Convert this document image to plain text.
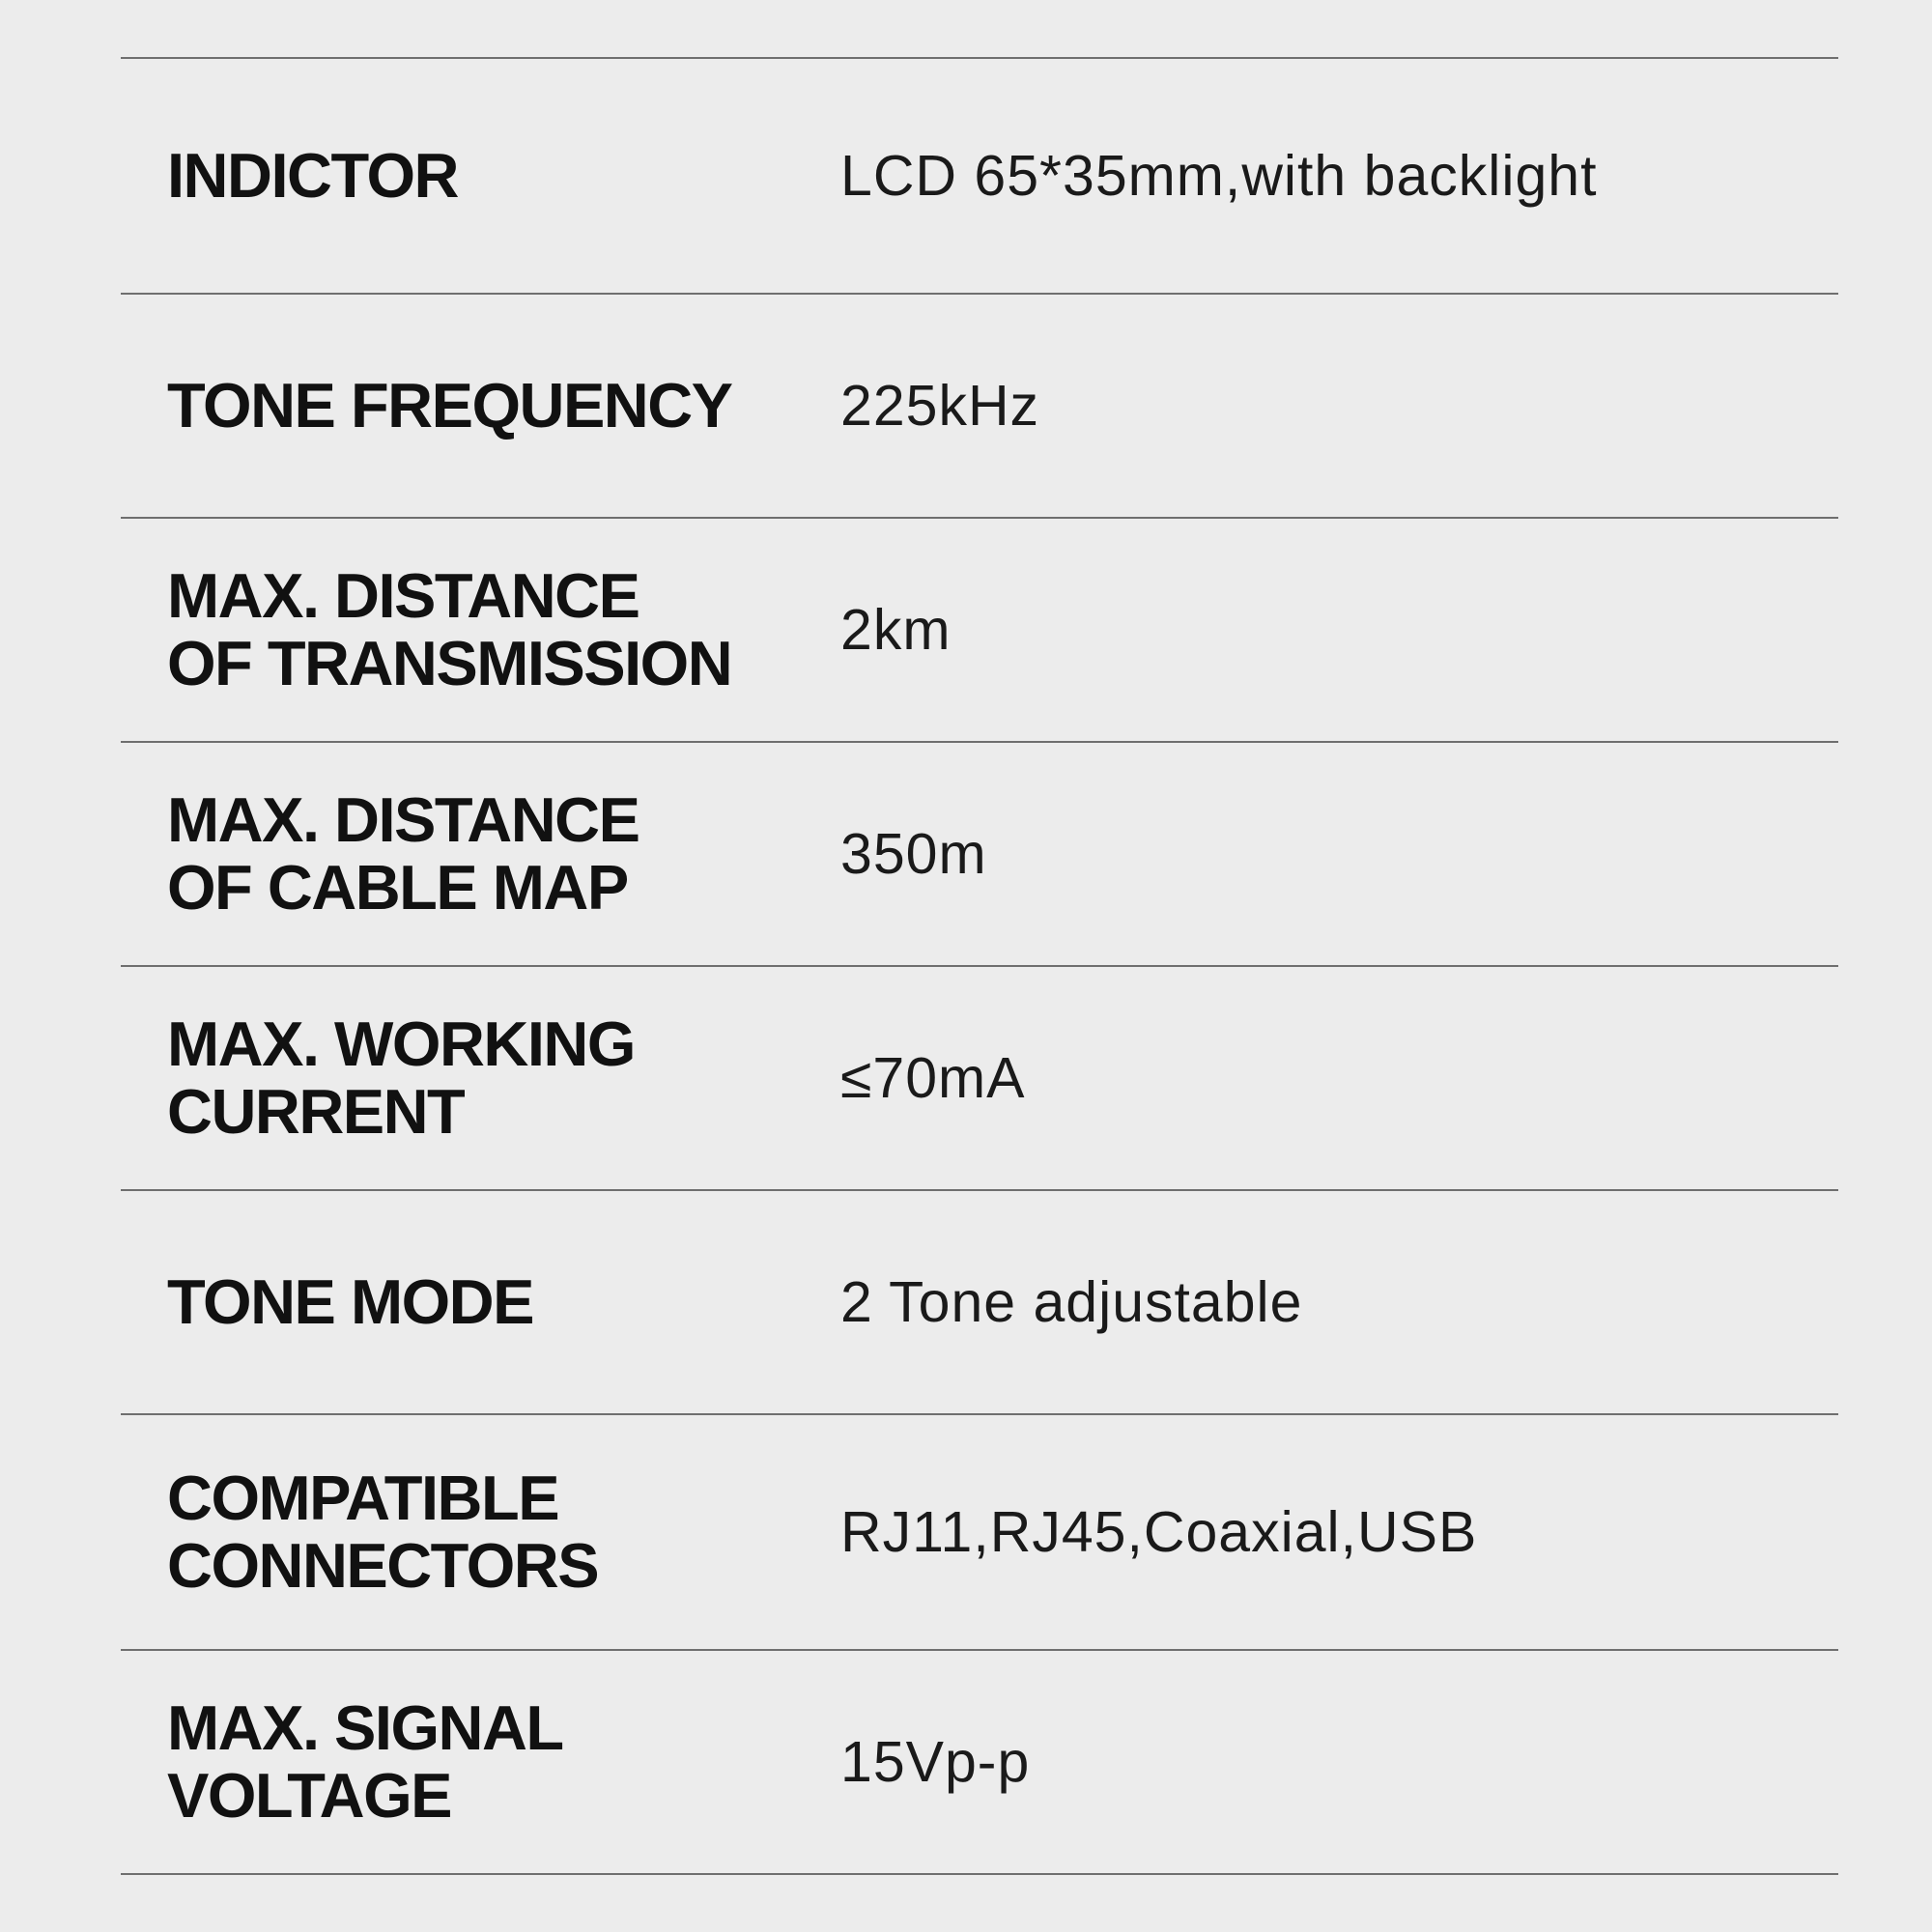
INDICTOR	LCD 65*35mm,with backlight
TONE FREQUENCY	225kHz
MAX. DISTANCE
OF TRANSMISSION	2km
MAX. DISTANCE
OF CABLE MAP	350m
MAX. WORKING
CURRENT	≤70mA
TONE MODE	2 Tone adjustable
COMPATIBLE
CONNECTORS	RJ11,RJ45,Coaxial,USB
MAX. SIGNAL
VOLTAGE	15Vp-p
